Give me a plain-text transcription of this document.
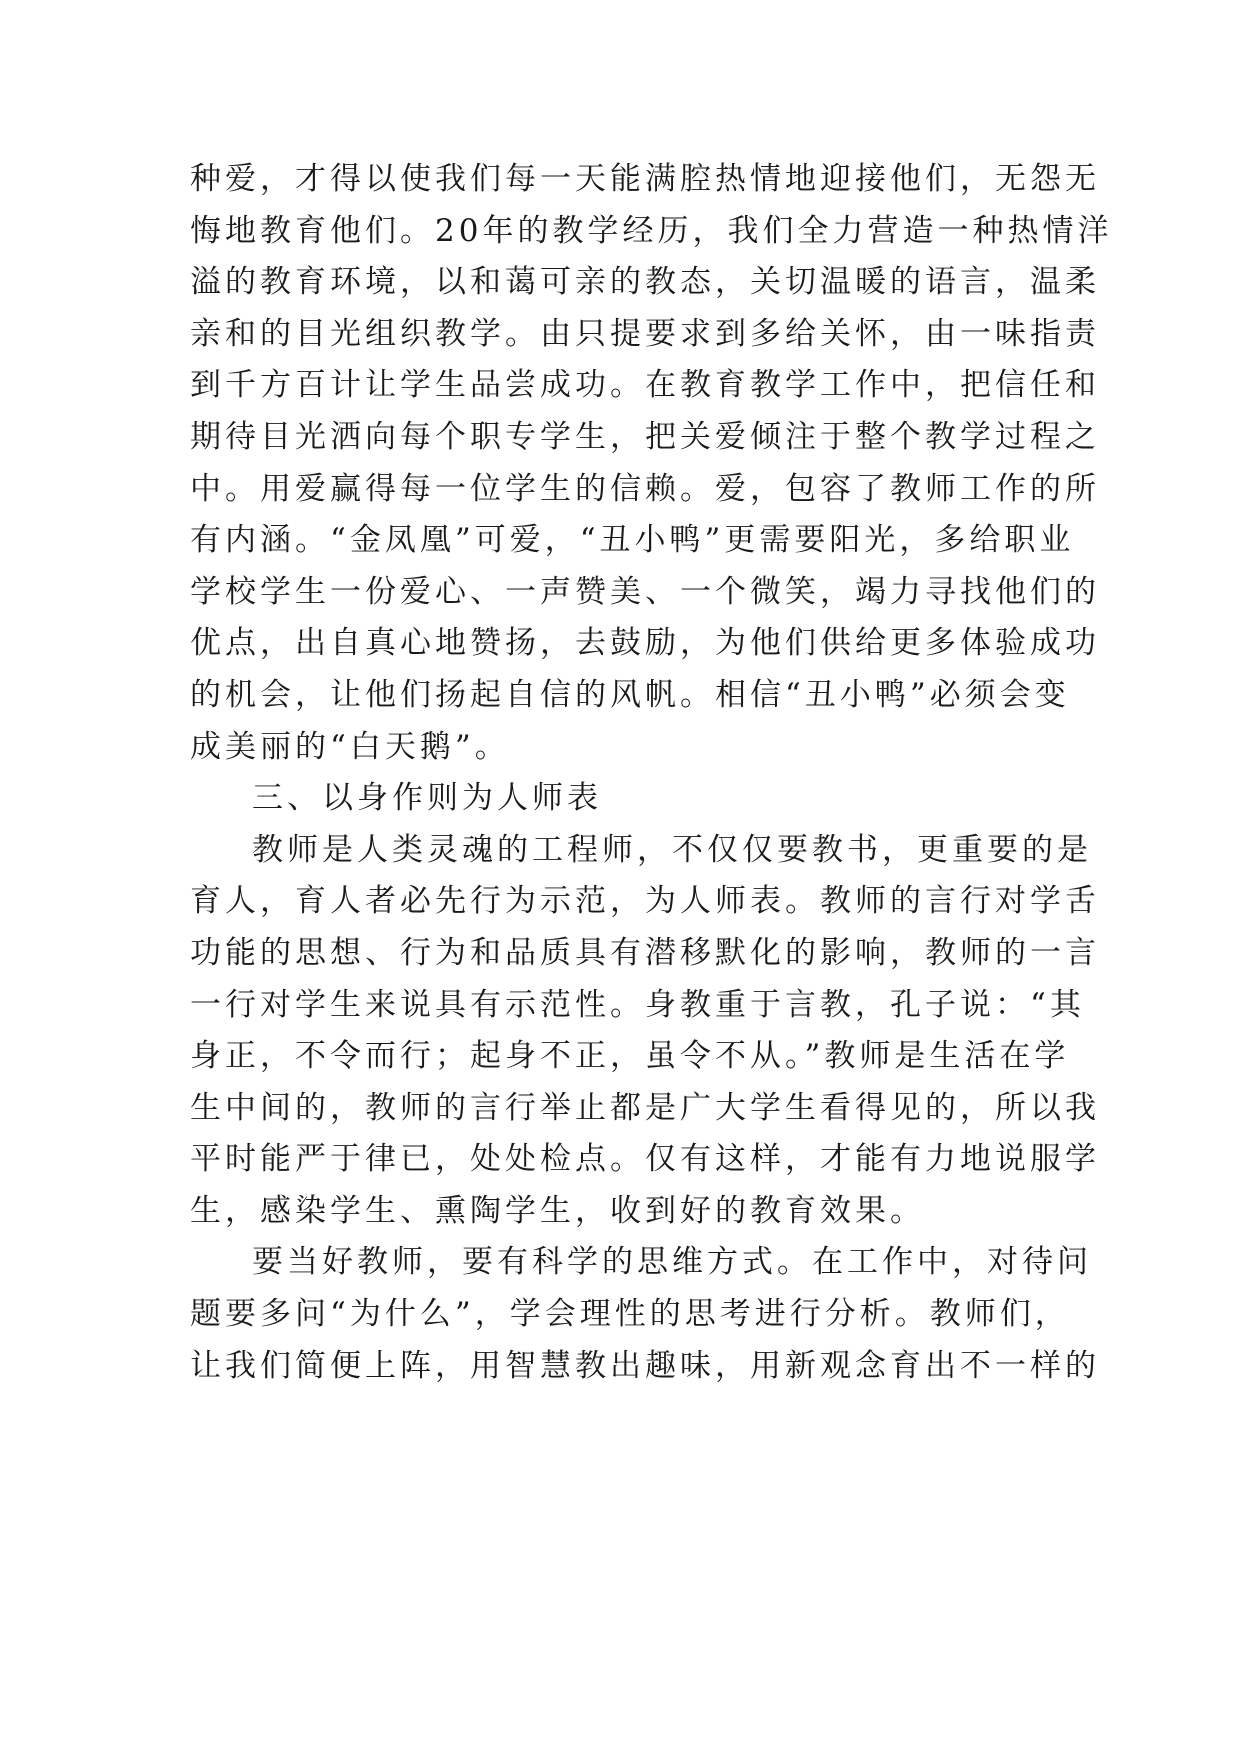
种爱，才得以使我们每一天能满腔热情地迎接他们，无怨无
悔地教育他们。20年的教学经历，我们全力营造一种热情洋
溢的教育环境，以和蔼可亲的教态，关切温暖的语言，温柔
亲和的目光组织教学。由只提要求到多给关怀，由一味指责
到千方百计让学生品尝成功。在教育教学工作中，把信任和
期待目光洒向每个职专学生，把关爱倾注于整个教学过程之
中。用爱赢得每一位学生的信赖。爱，包容了教师工作的所
有内涵。“金凤凰”可爱，“丑小鸭”更需要阳光，多给职业
学校学生一份爱心、一声赞美、一个微笑，竭力寻找他们的
优点，出自真心地赞扬，去鼓励，为他们供给更多体验成功
的机会，让他们扬起自信的风帆。相信“丑小鸭”必须会变
成美丽的“白天鹅”。
三、以身作则为人师表
教师是人类灵魂的工程师，不仅仅要教书，更重要的是
育人，育人者必先行为示范，为人师表。教师的言行对学舌
功能的思想、行为和品质具有潜移默化的影响，教师的一言
一行对学生来说具有示范性。身教重于言教，孔子说：“其
身正，不令而行；起身不正，虽令不从。”教师是生活在学
生中间的，教师的言行举止都是广大学生看得见的，所以我
平时能严于律已，处处检点。仅有这样，才能有力地说服学
生，感染学生、熏陶学生，收到好的教育效果。
要当好教师，要有科学的思维方式。在工作中，对待问
题要多问“为什么”，学会理性的思考进行分析。教师们，
让我们简便上阵，用智慧教出趣味，用新观念育出不一样的
